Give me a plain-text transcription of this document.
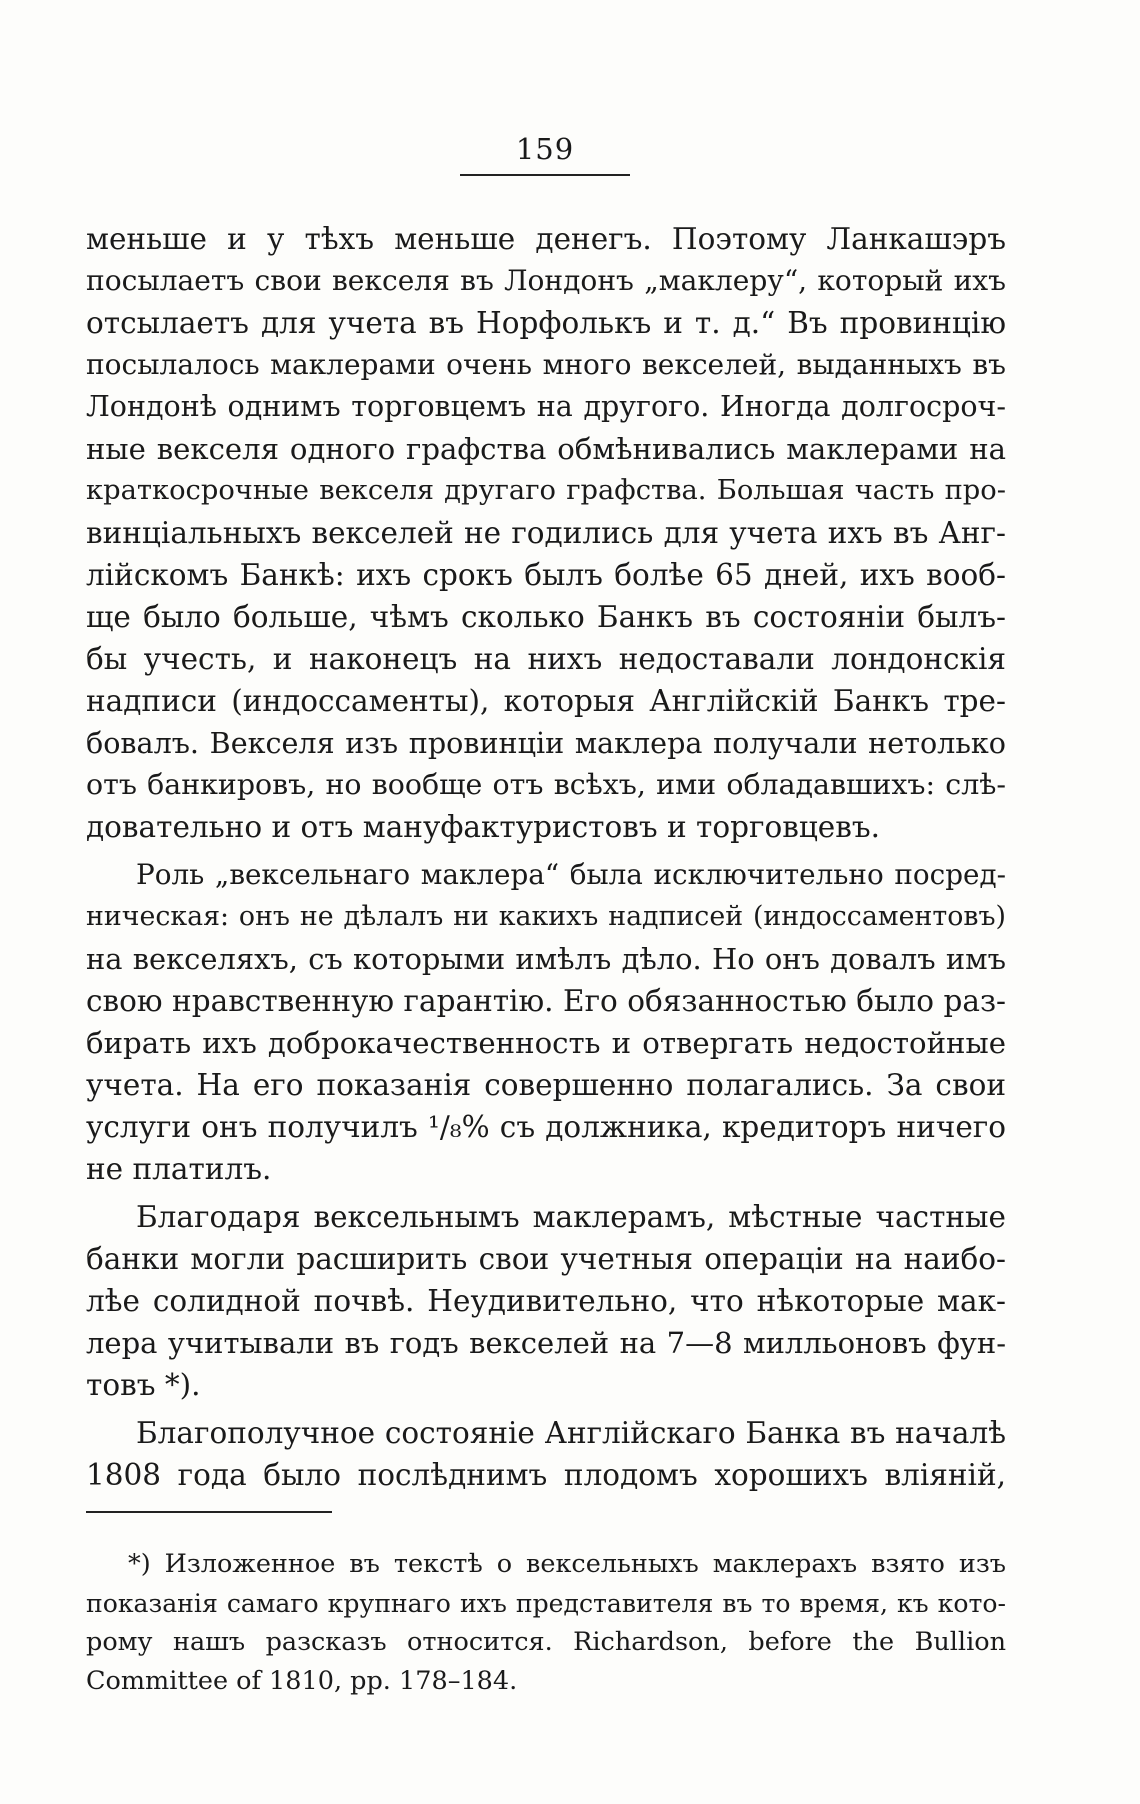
159
меньше и у тѣхъ меньше денегъ. Поэтому Ланкашэръ
посылаетъ свои векселя въ Лондонъ „маклеру“, который ихъ
отсылаетъ для учета въ Норфолькъ и т. д.“ Въ провинцію
посылалось маклерами очень много векселей, выданныхъ въ
Лондонѣ однимъ торговцемъ на другого. Иногда долгосроч-
ные векселя одного графства обмѣнивались маклерами на
краткосрочные векселя другаго графства. Большая часть про-
винціальныхъ векселей не годились для учета ихъ въ Анг-
лійскомъ Банкѣ: ихъ срокъ былъ болѣе 65 дней, ихъ вооб-
ще было больше, чѣмъ сколько Банкъ въ состояніи былъ-
бы учесть, и наконецъ на нихъ недоставали лондонскія
надписи (индоссаменты), которыя Англійскій Банкъ тре-
бовалъ. Векселя изъ провинціи маклера получали нетолько
отъ банкировъ, но вообще отъ всѣхъ, ими обладавшихъ: слѣ-
довательно и отъ мануфактуристовъ и торговцевъ.
Роль „вексельнаго маклера“ была исключительно посред-
ническая: онъ не дѣлалъ ни какихъ надписей (индоссаментовъ)
на векселяхъ, съ которыми имѣлъ дѣло. Но онъ довалъ имъ
свою нравственную гарантію. Его обязанностью было раз-
бирать ихъ доброкачественность и отвергать недостойные
учета. На его показанія совершенно полагались. За свои
услуги онъ получилъ ¹/₈% съ должника, кредиторъ ничего
не платилъ.
Благодаря вексельнымъ маклерамъ, мѣстные частные
банки могли расширить свои учетныя операціи на наибо-
лѣе солидной почвѣ. Неудивительно, что нѣкоторые мак-
лера учитывали въ годъ векселей на 7—8 милльоновъ фун-
товъ *).
Благополучное состояніе Англійскаго Банка въ началѣ
1808 года было послѣднимъ плодомъ хорошихъ вліяній,
*) Изложенное въ текстѣ о вексельныхъ маклерахъ взято изъ
показанія самаго крупнаго ихъ представителя въ то время, къ кото-
рому нашъ разсказъ относится. Richardson, before the Bullion
Committee of 1810, pp. 178–184.
